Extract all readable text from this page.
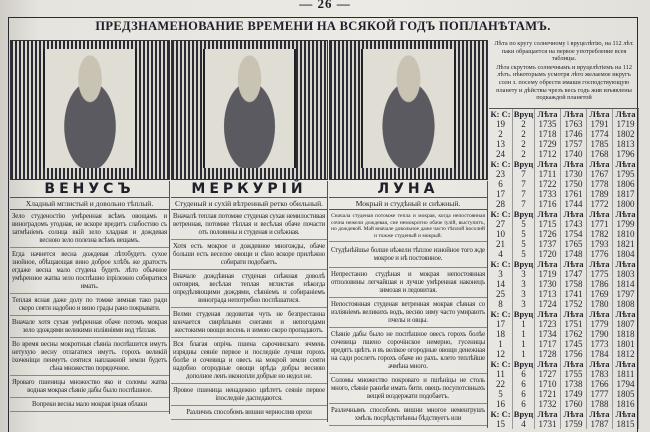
— 26 —
ПРЕДЗНАМЕНОВАНИЕ ВРЕМЕНИ НА ВСЯКОЙ ГОДЪ ПОПЛАНѢТАМЪ.
ВЕНУСЪ
Хладный мглистый и довольно тѣплый.
Зело студеностію умѣренная всѣмъ овощамъ и виноградомъ угодная, не вскоре вредитъ слабостию съ затмѣніемъ солнца вкій зело хладная и дождевая весною зело полезна всѣмъ вещамъ.
Егда начнется весна дождевая лѣтобудетъ сухое знойное, обѣщающая вино доброе хлѣбъ же дратостъ егдаже весна мало студена будетъ лѣто обычное умѣренное жатва зело поспѣшно іпрілежно собиратися имать.
Теплая ясная даже долу по томже зимная тако ради скоро сеяти надобно и вино грады рано покрывати.
Вначале хотя сухая умѣренная обаче потомъ мокрая зело здождями великими изліяніями вод тѣплая.
Во время весны мокротныя сѣяніа поспѣшится имутъ нетухую весну отлагатися имутъ. горохъ великій іхоченіщи пенмутъ сеятися наплажной земли будетъ сѣна множество порядочное.
Яроваго пшеницы множество яко и соломы жатва водная мокрая сѣяніе дабы было поспѣшное.
Вопреки весны мало мокрая ірная облаки
МЕРКУРІЙ
Студеный и сухій вѣтренный ретко обильный.
Вначалѣ теплая потомже студеная сухая немилостивая ветренная, потомже тѣплая и весѣлая обаче почасти отъ половины и студеная и снѣжная.
Хотя есть мокрое и дождевное многожды, обаче больши есть веселое овощи и сѣно вскоре прилѣжно собирати подобаетъ.
Вначале дождѣвная студеная снѣжная доволѣ октоврия, весѣлая теплая мглистая нѣкогда опредѣляющими дождями, сѣяніемъ и собираніемъ винограда непотребно поспѣшатися.
Велми студеная ледовитая чуть не безпрестанна кончается свирѣпыми снегами и непогодами жестокими овощи восень и зимою скоро пропадаютъ.
Вся благая опрічь пшена сарочинскаго ячмень изрядны сеяніе первое и последніе лучши горохъ болѣе и сочевица и овесъ на мокрой земли сеяти надобно огородные овощи врѣда добры весною дополное леиъ иконопли добрые но недол не.
Яровое пшеница ненадежно цвѣтетъ сеяніе первое іпоследніе даспедаются.
Различнъ способомъ вишни чернослив орехи
ЛУНА
Мокрый и студѣный и снѣжный.
Сначала студеная потомже тепла и мокрая, когда непостоянная сочна нежели дождевая, сие немокротно обаче іулій, выступитъ, но дождевой. Май вначале довольное даже часто тѣплой іюсолнй и тожже студеный и мокрый.
Студѣнѣйшье болше нѣжели тѣплое изнойное того жде мокрое и нѣ постоянное.
Непрестанно студѣная и мокрая непостоянная отполовины легчайшая и лучше умѣренная наконецъ зимозая и ледовитая.
Непостоянная студеная ветренная мокрая сѣяная со изліяніемъ великихъ водъ, весню зиму часто умираютъ пчелы и овцы.
Сѣяніе дабы было не поспѣшное овесъ горохъ болѣе сочевица пшено сорочінское немерно, гусеницы вредятъ цвѣтъ и въ велікое огородные овощи денежная на сади рослетъ горохъ обаче но рахъ. клето теплѣйше ачмѣна много.
Соломы множество покроваго и пшѣніцы не столь много, сѣяніе раннѣе имать бити. овецъ посупотсвныхъ вещей воздержати подобаетъ.
Различнымъ способомъ вишни многое неменгрушъ хмѣль посрѣдствѣнны бѣдствуетъ или

Лѣта по кругу солнечному і вруцелѣтію, на 112 лѣт. паки обращается на первое употребление всея таблицы.

Лѣта скрутомъ солнечнымъ и вруцелѣтіемъ на 112 лѣтъ. нѣкоторымъ усмотря лѣто желаемое икругъ солн з. посему обрести имаши господствующую планету и дѣйствы чрезъ весь годъ жив изъявлены подкаждой планетой

К: С: Вруц Лѣта Лѣта Лѣта Лѣта
19	2	1735 1763 1791 1719
2	2	1718 1746 1774 1802
13	2	1729 1757 1785 1813
24	2	1712 1740 1768 1796
К: С: Вруц Лѣта Лѣта Лѣта Лѣта
23	7	1711 1730 1767 1795
6	7	1722 1750 1778 1806
17	7	1733 1761 1789 1817
28	7	1716 1744 1772 1800
К: С: Вруц Лѣта Лѣта Лѣта Лѣта
27	5	1715 1743 1771 1799
10	5	1726 1754 1782 1810
21	5	1737 1765 1793 1821
4	5	1720 1748 1776 1804
К: С: Вруц Лѣта Лѣта Лѣта Лѣта
3	3	1719 1747 1775 1803
14	3	1730 1758 1786 1814
25	3	1713 1741 1769 1797
8	3	1724 1752 1780 1808
К: С: Вруц Лѣта Лѣта Лѣта Лѣта
17	1	1723 1751 1779 1807
18	1	1734 1762 1790 1818
1	1	1717 1745 1773 1801
12	1	1728 1756 1784 1812
К: С: Вруц Лѣта Лѣта Лѣта Лѣта
11	6	1727 1755 1783 1811
22	6	1710 1738 1766 1794
5	6	1721 1749 1777 1805
16	6	1732 1760 1788 1816
К: С: Вруц Лѣта Лѣта Лѣта Лѣта
15	4	1731 1759 1787 1815
